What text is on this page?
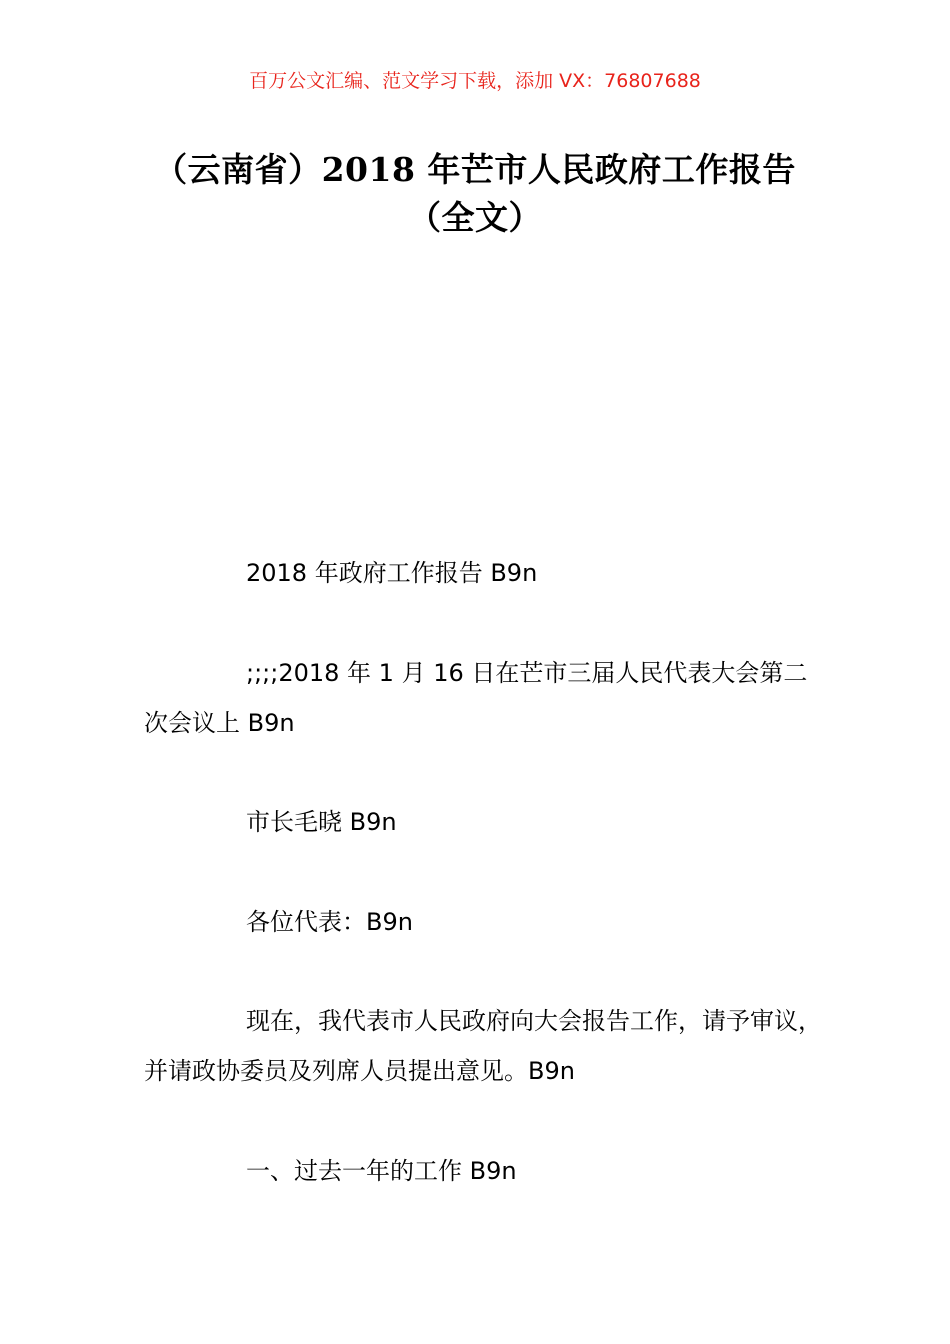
百万公文汇编、范文学习下载，添加 VX：76807688
（云南省）2018 年芒市人民政府工作报告
（全文）

2018 年政府工作报告 B9n

;;;;2018 年 1 月 16 日在芒市三届人民代表大会第二次会议上 B9n

市长毛晓 B9n

各位代表：B9n

现在，我代表市人民政府向大会报告工作，请予审议，并请政协委员及列席人员提出意见。B9n

一、过去一年的工作 B9n
